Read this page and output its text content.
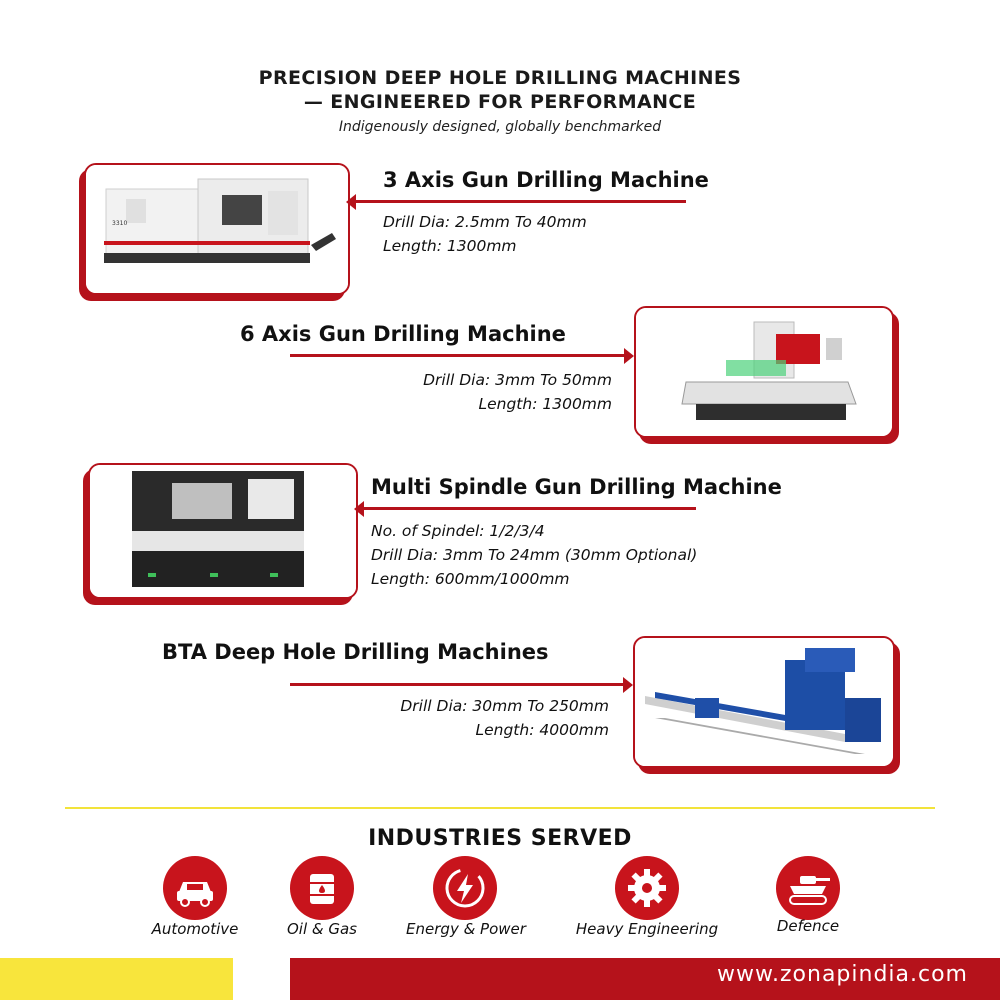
PRECISION DEEP HOLE DRILLING MACHINES
— ENGINEERED FOR PERFORMANCE
Indigenously designed, globally benchmarked
3310
3 Axis Gun Drilling Machine
Drill Dia: 2.5mm To 40mm
Length: 1300mm
6 Axis Gun Drilling Machine
Drill Dia: 3mm To 50mm
Length: 1300mm
Multi Spindle Gun Drilling Machine
No. of Spindel: 1/2/3/4
Drill Dia: 3mm To 24mm (30mm Optional)
Length: 600mm/1000mm
BTA Deep Hole Drilling Machines
Drill Dia: 30mm To 250mm
Length: 4000mm
INDUSTRIES SERVED
Automotive	Oil & Gas	Energy & Power	Heavy Engineering	Defence
www.zonapindia.com
